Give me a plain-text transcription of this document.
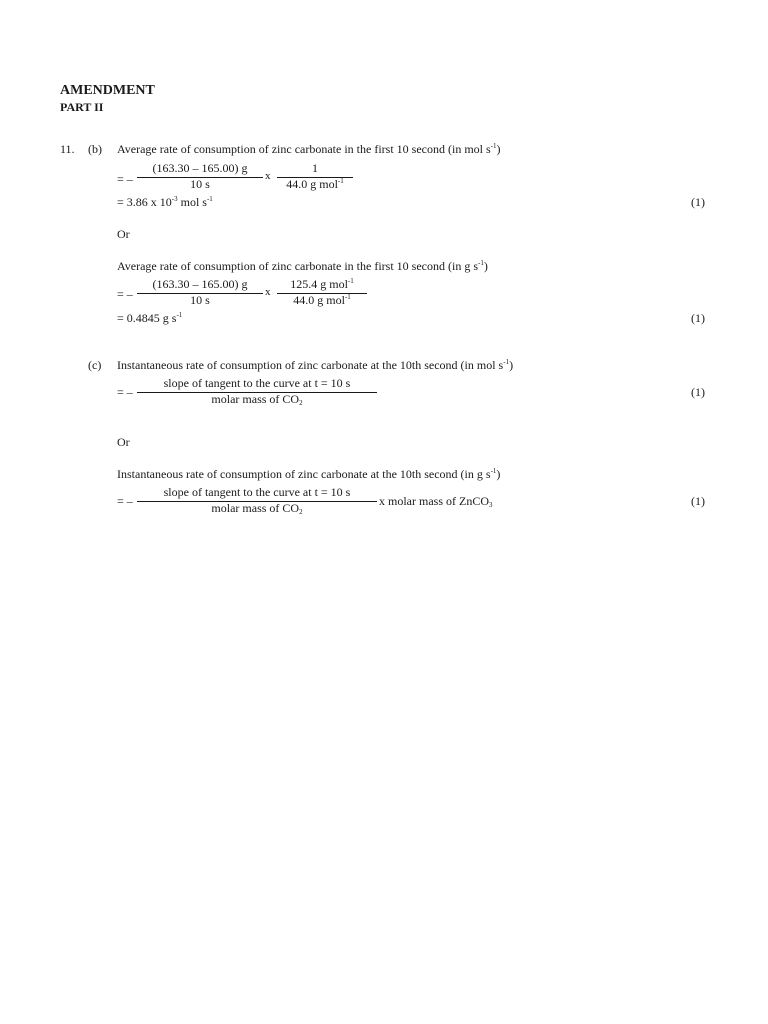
AMENDMENT
PART II
11. (b) Average rate of consumption of zinc carbonate in the first 10 second (in mol $s^{-1}$)
= –
(163.30 – 165.00) g
10 s
x
1
44.0 g mol$^{-1}$
= 3.86 x $10^{-3}$ mol $s^{-1}$	(1)
Or
Average rate of consumption of zinc carbonate in the first 10 second (in g $s^{-1}$)
= –
(163.30 – 165.00) g
10 s
x
125.4 g mol$^{-1}$
44.0 g mol$^{-1}$
= 0.4845 g $s^{-1}$	(1)
(c) Instantaneous rate of consumption of zinc carbonate at the 10th second (in mol $s^{-1}$)
= –
slope of tangent to the curve at t = 10 s
molar mass of $CO_2$
(1)
Or
Instantaneous rate of consumption of zinc carbonate at the 10th second (in g $s^{-1}$)
= –
slope of tangent to the curve at t = 10 s
molar mass of $CO_2$
x molar mass of ZnCO$_3$	(1)
